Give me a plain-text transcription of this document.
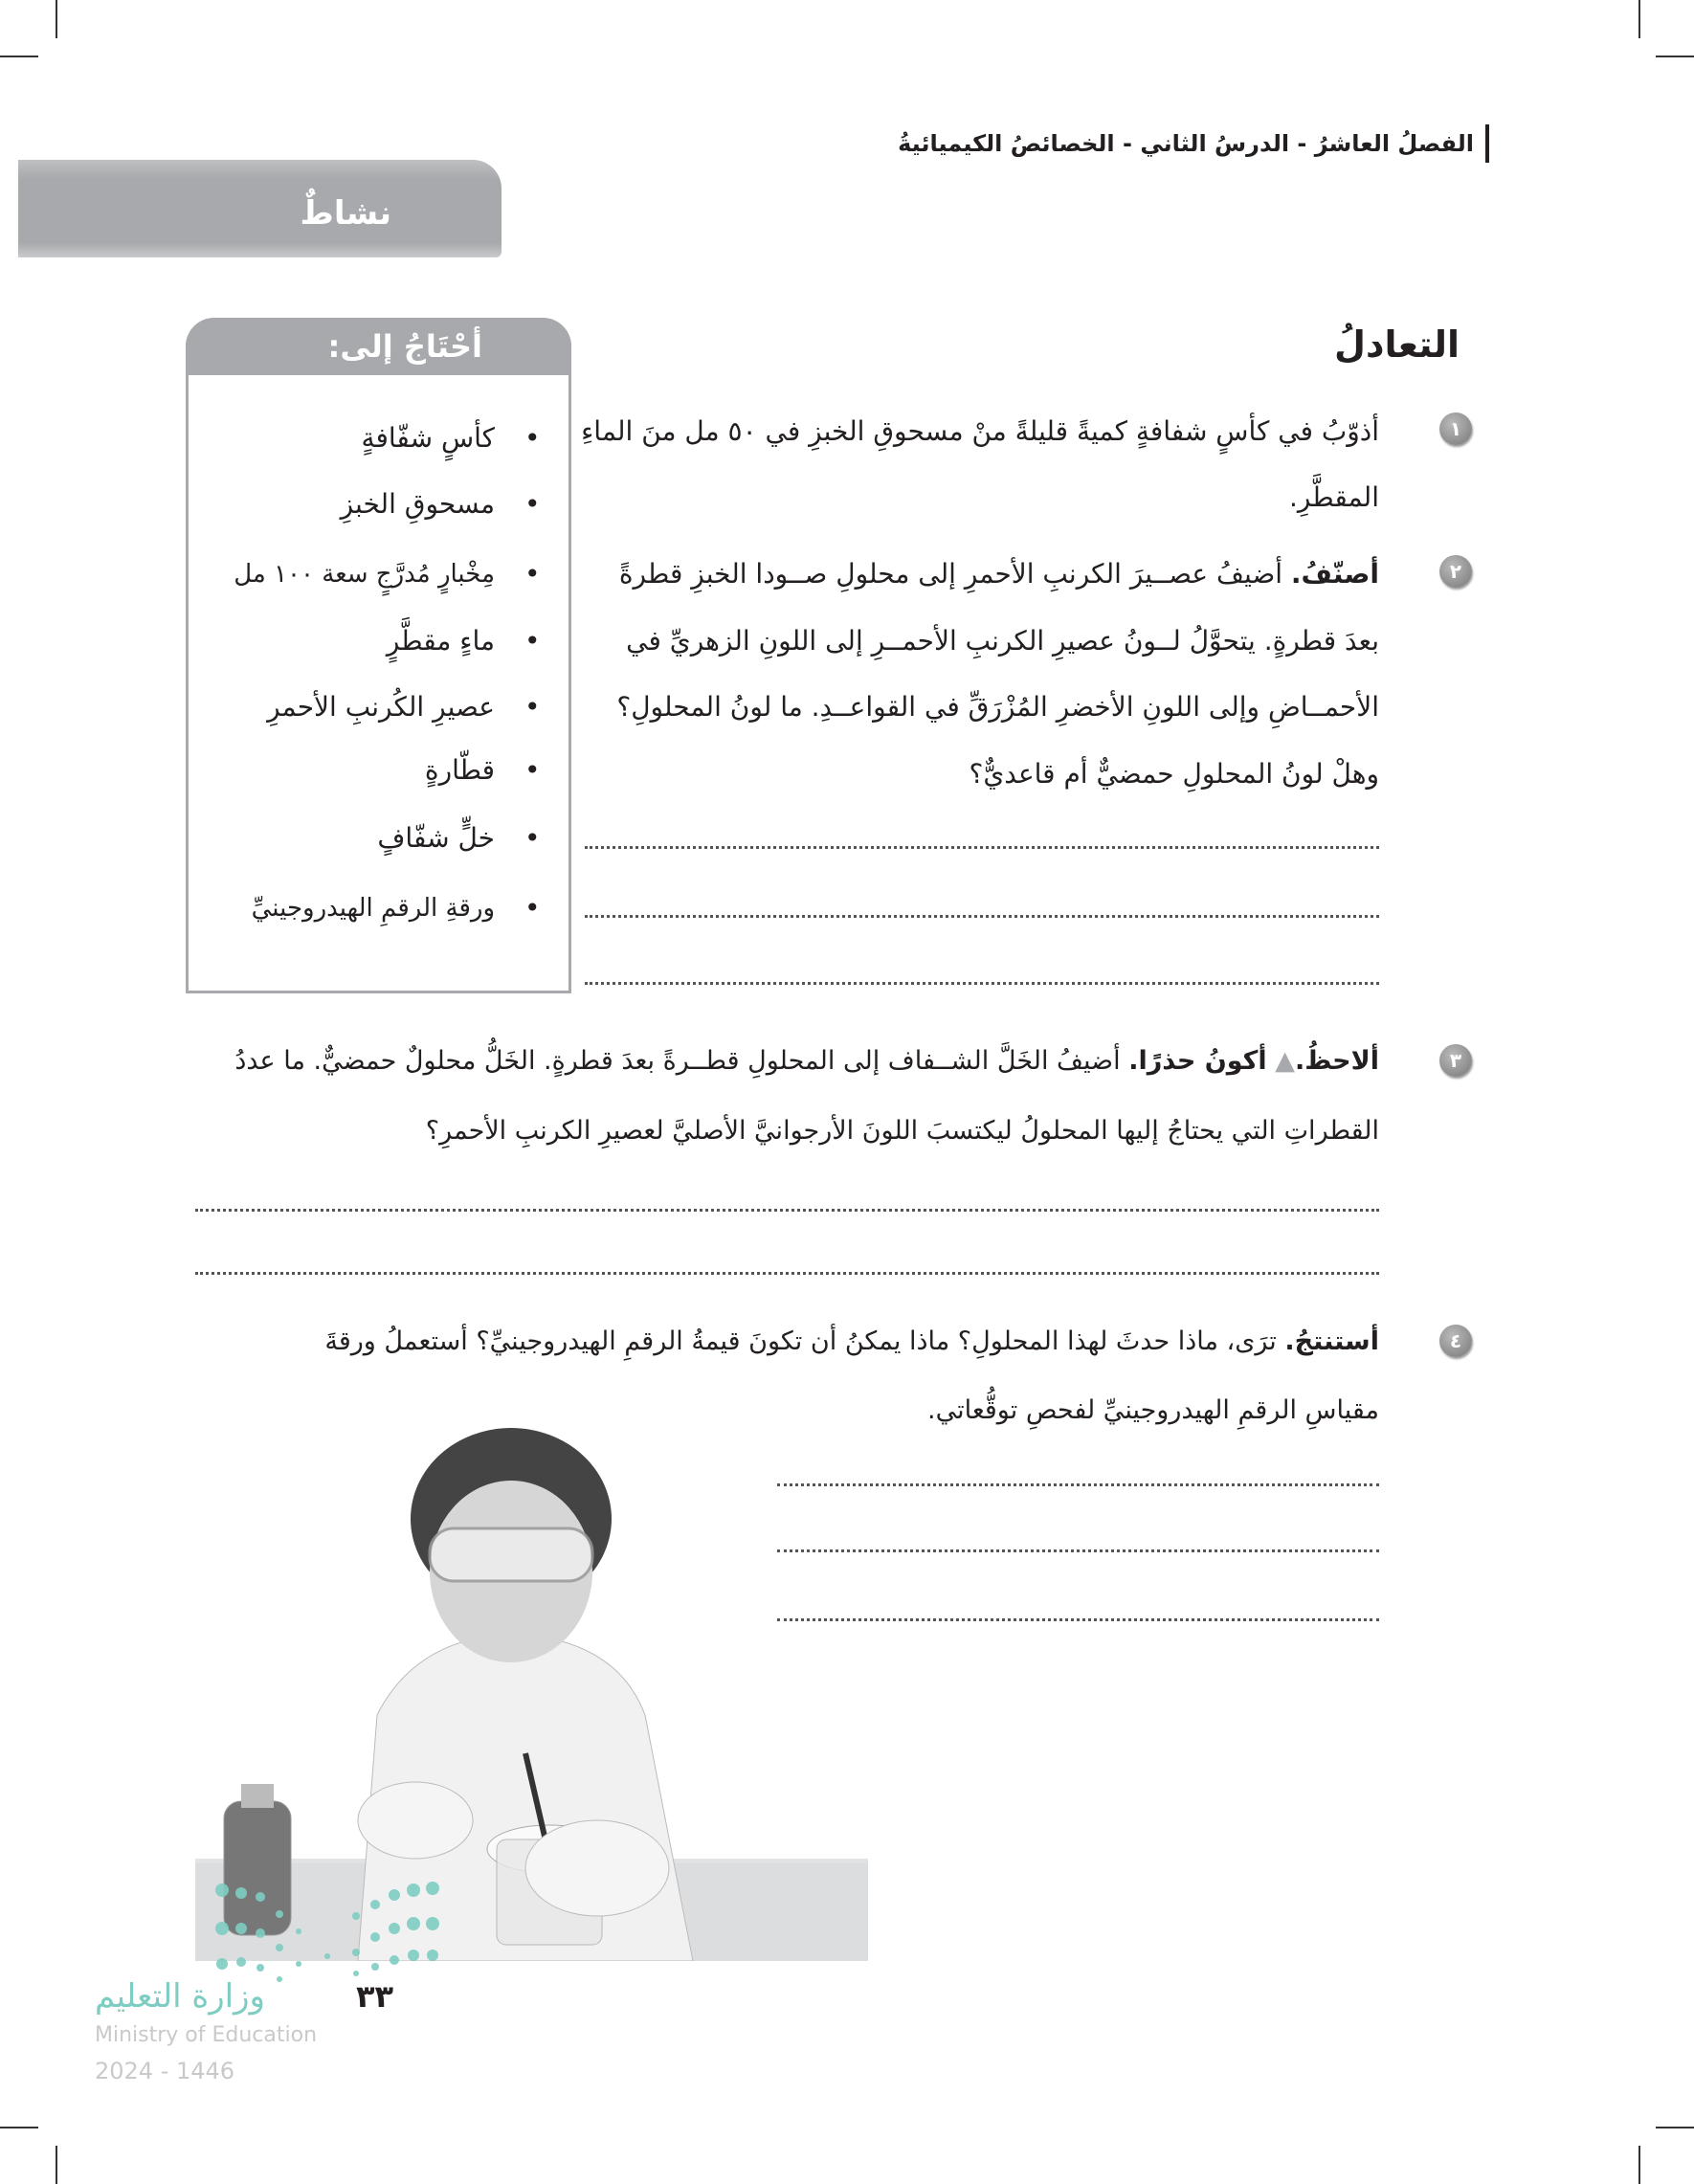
الفصلُ العاشرُ - الدرسُ الثاني - الخصائصُ الكيميائيةُ
نشاطٌ
التعادلُ
أحْتَاجُ إلى:
•
كأسٍ شفّافةٍ
•
مسحوقِ الخبزِ
•
مِخْبارٍ مُدرَّجٍ سعة ١٠٠ مل
•
ماءٍ مقطَّرٍ
•
عصيرِ الكُرنبِ الأحمرِ
•
قطّارةٍ
•
خلٍّ شفّافٍ
•
ورقةِ الرقمِ الهيدروجينيِّ
١
أذوّبُ في كأسٍ شفافةٍ كميةً قليلةً منْ مسحوقِ الخبزِ في ٥٠ مل منَ الماءِ
المقطَّرِ.
٢
أصنّفُ. أضيفُ عصــيرَ الكرنبِ الأحمرِ إلى محلولِ صــودا الخبزِ قطرةً
بعدَ قطرةٍ. يتحوَّلُ لــونُ عصيرِ الكرنبِ الأحمــرِ إلى اللونِ الزهريِّ في
الأحمــاضِ وإلى اللونِ الأخضرِ المُزْرَقِّ في القواعــدِ. ما لونُ المحلولِ؟
وهلْ لونُ المحلولِ حمضيٌّ أم قاعديٌّ؟
٣
ألاحظُ.▲ أكونُ حذرًا. أضيفُ الخَلَّ الشــفاف إلى المحلولِ قطــرةً بعدَ قطرةٍ. الخَلُّ محلولٌ حمضيٌّ. ما عددُ
القطراتِ التي يحتاجُ إليها المحلولُ ليكتسبَ اللونَ الأرجوانيَّ الأصليَّ لعصيرِ الكرنبِ الأحمرِ؟
٤
أستنتجُ. ترَى، ماذا حدثَ لهذا المحلولِ؟ ماذا يمكنُ أن تكونَ قيمةُ الرقمِ الهيدروجينيِّ؟ أستعملُ ورقةَ
مقياسِ الرقمِ الهيدروجينيِّ لفحصِ توقُّعاتي.
وزارة التعليم	٣٣
Ministry of Education
2024 - 1446
